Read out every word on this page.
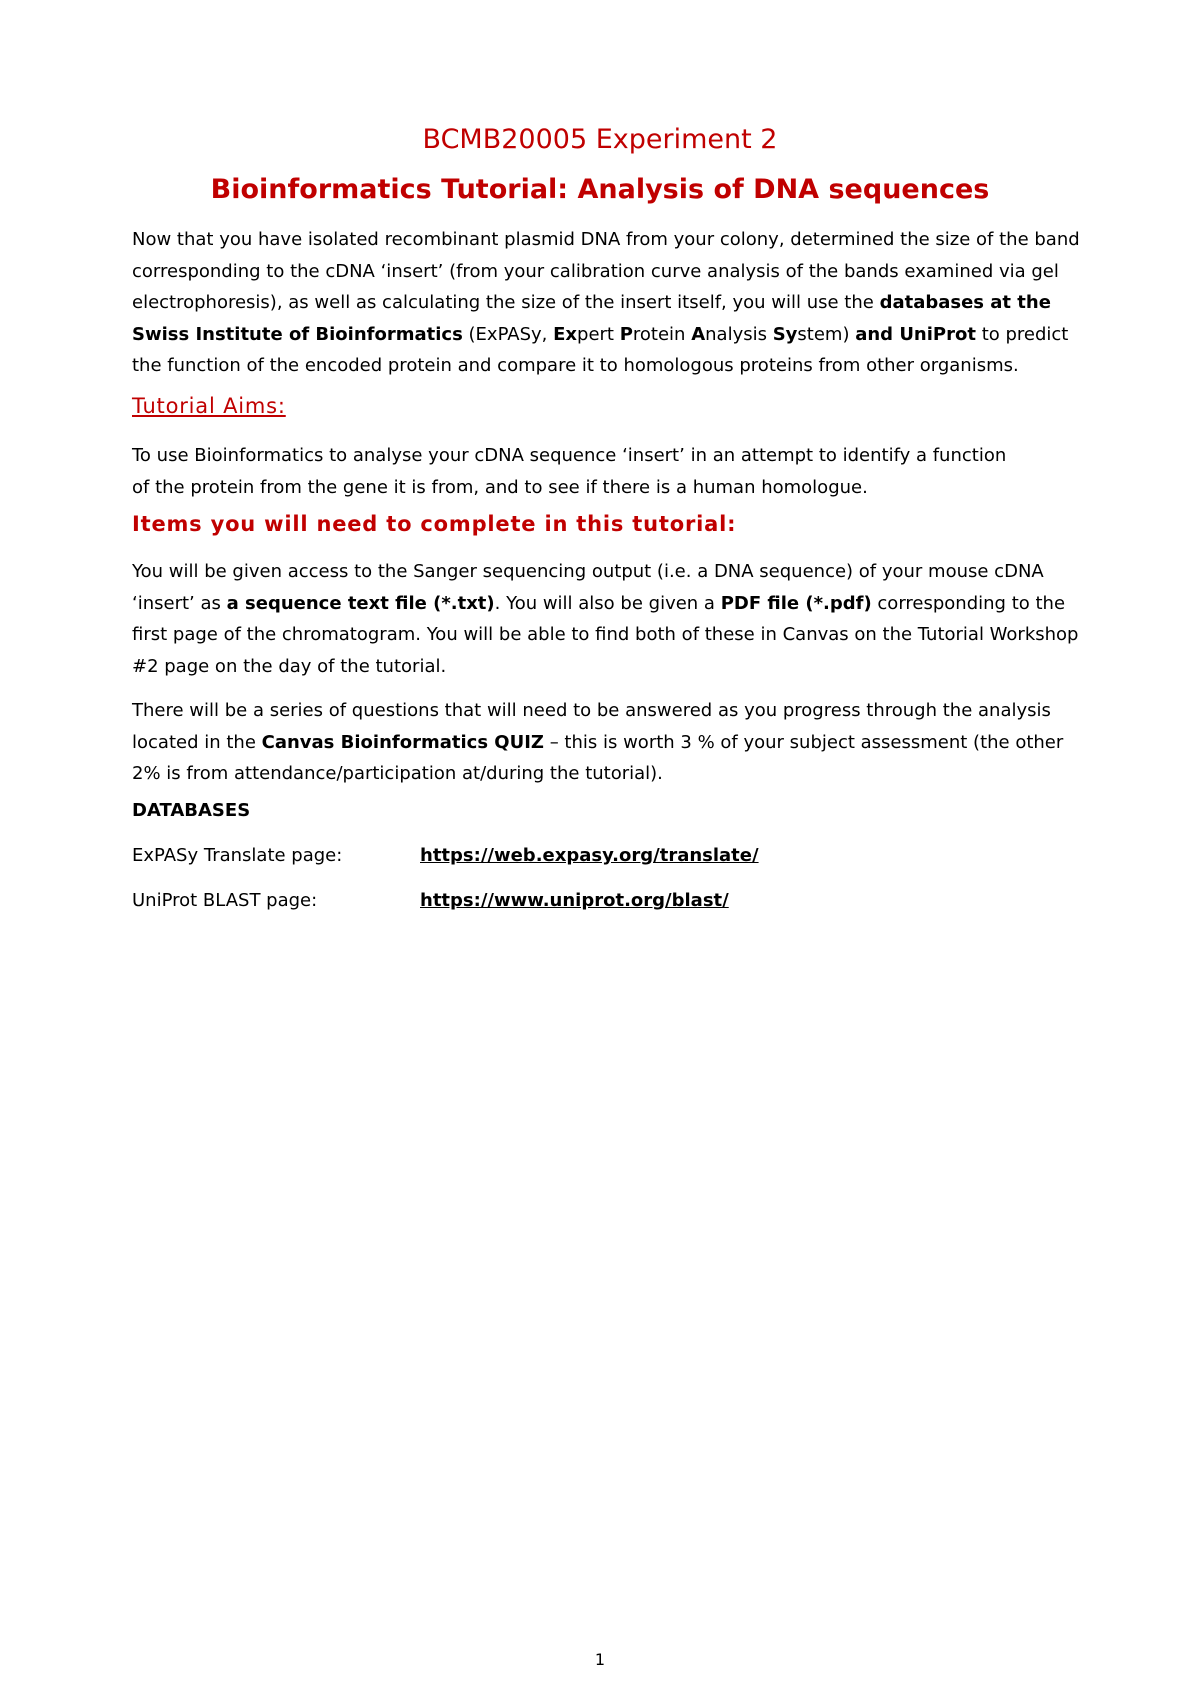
BCMB20005 Experiment 2
Bioinformatics Tutorial: Analysis of DNA sequences
Now that you have isolated recombinant plasmid DNA from your colony, determined the size of the band corresponding to the cDNA ‘insert’ (from your calibration curve analysis of the bands examined via gel electrophoresis), as well as calculating the size of the insert itself, you will use the databases at the Swiss Institute of Bioinformatics (ExPASy, Expert Protein Analysis System) and UniProt to predict the function of the encoded protein and compare it to homologous proteins from other organisms.
Tutorial Aims:
To use Bioinformatics to analyse your cDNA sequence ‘insert’ in an attempt to identify a function
of the protein from the gene it is from, and to see if there is a human homologue.
Items you will need to complete in this tutorial:
You will be given access to the Sanger sequencing output (i.e. a DNA sequence) of your mouse cDNA ‘insert’ as a sequence text file (*.txt). You will also be given a PDF file (*.pdf) corresponding to the first page of the chromatogram. You will be able to find both of these in Canvas on the Tutorial Workshop #2 page on the day of the tutorial.
There will be a series of questions that will need to be answered as you progress through the analysis located in the Canvas Bioinformatics QUIZ – this is worth 3 % of your subject assessment (the other 2% is from attendance/participation at/during the tutorial).
DATABASES
ExPASy Translate page:	https://web.expasy.org/translate/
UniProt BLAST page:	https://www.uniprot.org/blast/
1
